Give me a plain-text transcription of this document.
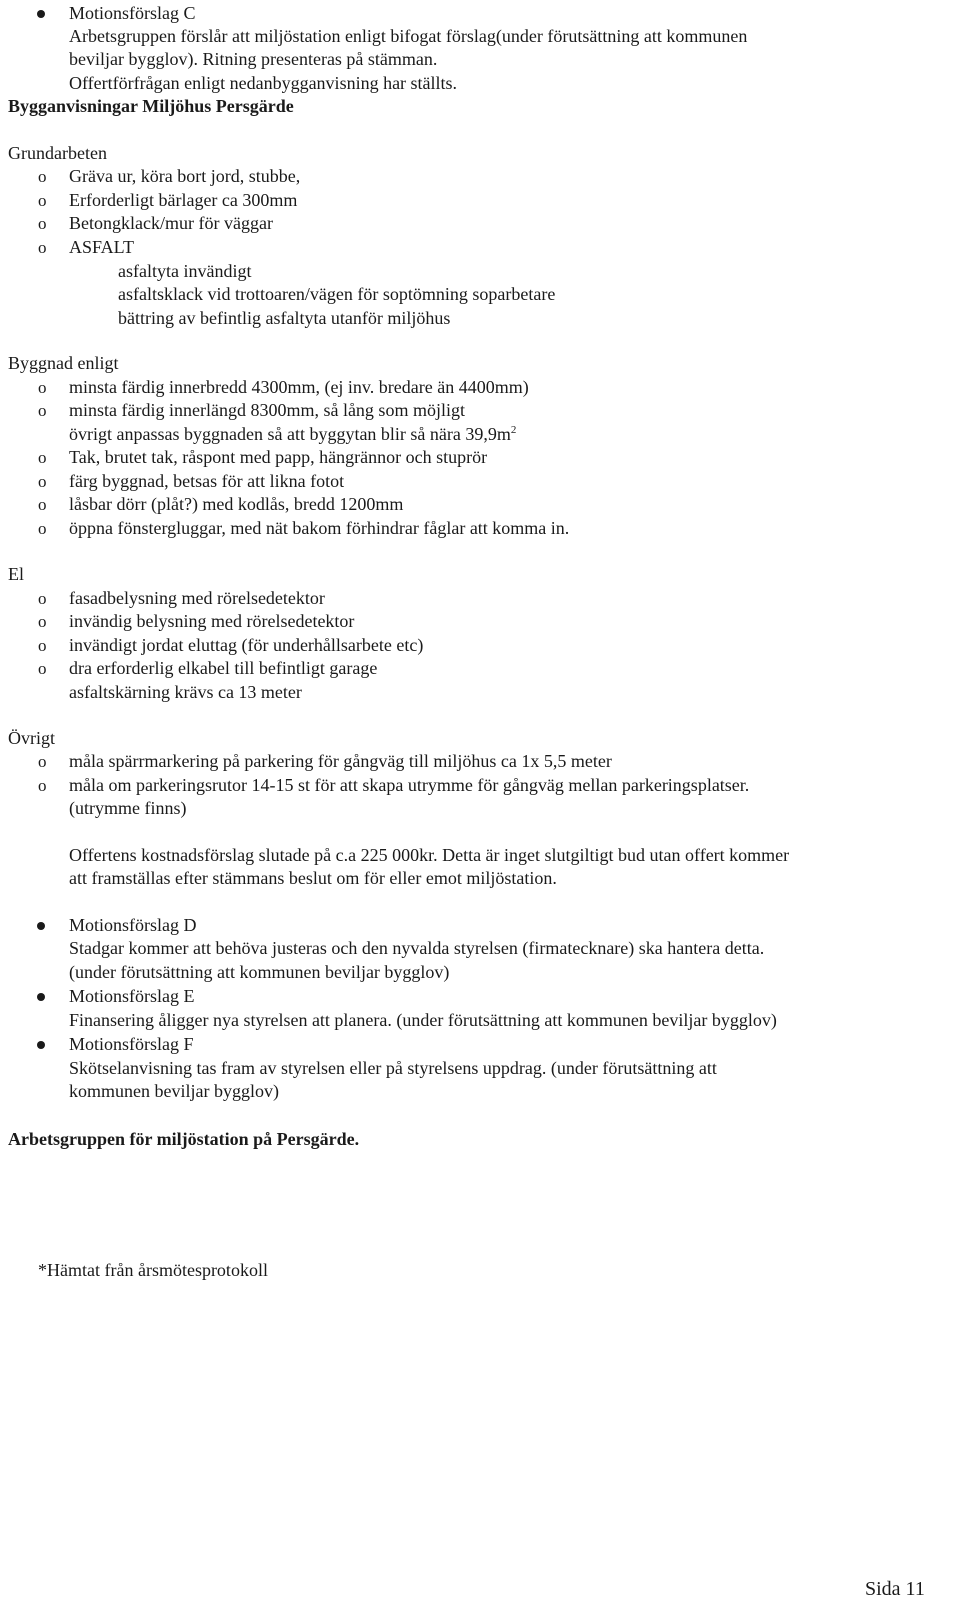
Motionsförslag C
Arbetsgruppen förslår att miljöstation enligt bifogat förslag(under förutsättning att kommunen
beviljar bygglov). Ritning presenteras på stämman.
Offertförfrågan enligt nedanbygganvisning har ställts.
Bygganvisningar Miljöhus Persgärde
Grundarbeten
o Gräva ur, köra bort jord, stubbe,
o Erforderligt bärlager ca 300mm
o Betongklack/mur för väggar
o ASFALT
asfaltyta invändigt
asfaltsklack vid trottoaren/vägen för soptömning soparbetare
bättring av befintlig asfaltyta utanför miljöhus
Byggnad enligt
o minsta färdig innerbredd 4300mm, (ej inv. bredare än 4400mm)
o minsta färdig innerlängd 8300mm, så lång som möjligt
övrigt anpassas byggnaden så att byggytan blir så nära $39,9m^2$
o Tak, brutet tak, råspont med papp, hängrännor och stuprör
o färg byggnad, betsas för att likna fotot
o låsbar dörr (plåt?) med kodlås, bredd 1200mm
o öppna fönstergluggar, med nät bakom förhindrar fåglar att komma in.
El
o fasadbelysning med rörelsedetektor
o invändig belysning med rörelsedetektor
o invändigt jordat eluttag (för underhållsarbete etc)
o dra erforderlig elkabel till befintligt garage
asfaltskärning krävs ca 13 meter
Övrigt
o måla spärrmarkering på parkering för gångväg till miljöhus ca 1x 5,5 meter
o måla om parkeringsrutor 14-15 st för att skapa utrymme för gångväg mellan parkeringsplatser.
(utrymme finns)
Offertens kostnadsförslag slutade på c.a 225 000kr. Detta är inget slutgiltigt bud utan offert kommer
att framställas efter stämmans beslut om för eller emot miljöstation.
Motionsförslag D
Stadgar kommer att behöva justeras och den nyvalda styrelsen (firmatecknare) ska hantera detta.
(under förutsättning att kommunen beviljar bygglov)
Motionsförslag E
Finansering åligger nya styrelsen att planera. (under förutsättning att kommunen beviljar bygglov)
Motionsförslag F
Skötselanvisning tas fram av styrelsen eller på styrelsens uppdrag. (under förutsättning att
kommunen beviljar bygglov)
Arbetsgruppen för miljöstation på Persgärde.
*Hämtat från årsmötesprotokoll
Sida 11
